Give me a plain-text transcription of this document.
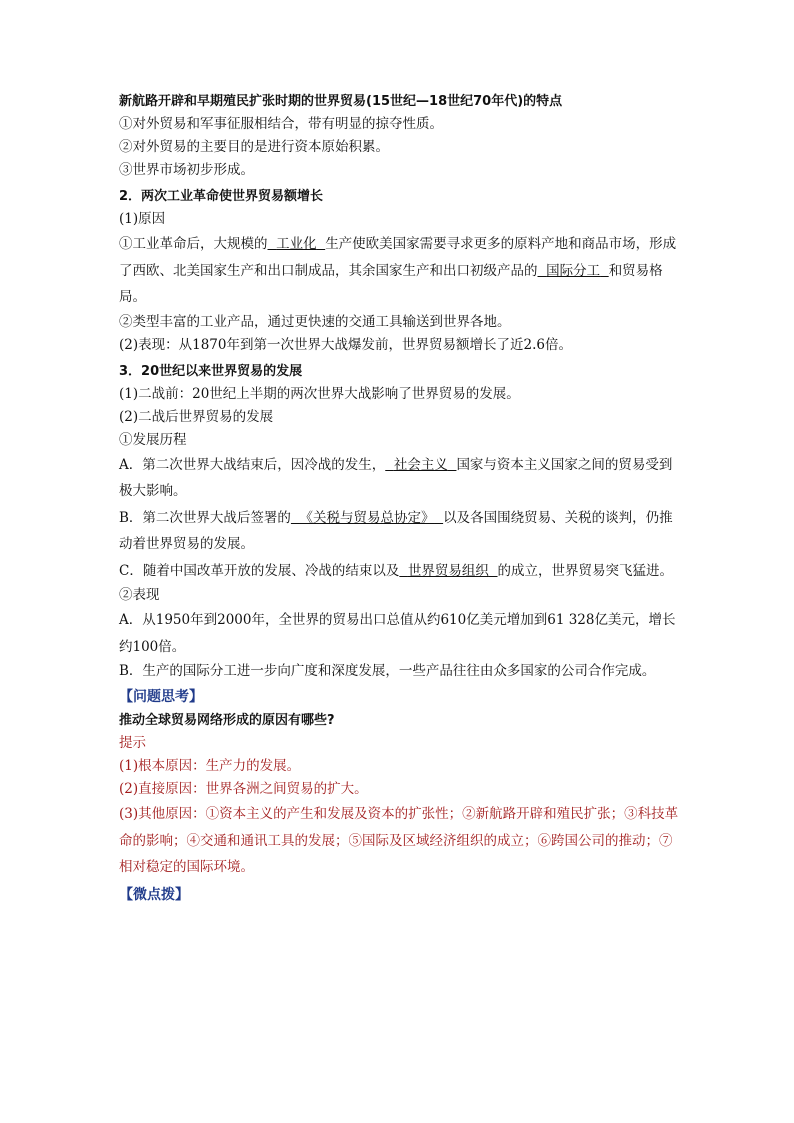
新航路开辟和早期殖民扩张时期的世界贸易(15世纪—18世纪70年代)的特点
①对外贸易和军事征服相结合，带有明显的掠夺性质。
②对外贸易的主要目的是进行资本原始积累。
③世界市场初步形成。
2．两次工业革命使世界贸易额增长
(1)原因
①工业革命后，大规模的 工业化 生产使欧美国家需要寻求更多的原料产地和商品市场，形成了西欧、北美国家生产和出口制成品，其余国家生产和出口初级产品的 国际分工 和贸易格局。
②类型丰富的工业产品，通过更快速的交通工具输送到世界各地。
(2)表现：从1870年到第一次世界大战爆发前，世界贸易额增长了近2.6倍。
3．20世纪以来世界贸易的发展
(1)二战前：20世纪上半期的两次世界大战影响了世界贸易的发展。
(2)二战后世界贸易的发展
①发展历程
A．第二次世界大战结束后，因冷战的发生， 社会主义 国家与资本主义国家之间的贸易受到极大影响。
B．第二次世界大战后签署的 《关税与贸易总协定》 以及各国围绕贸易、关税的谈判，仍推动着世界贸易的发展。
C．随着中国改革开放的发展、冷战的结束以及 世界贸易组织 的成立，世界贸易突飞猛进。
②表现
A．从1950年到2000年，全世界的贸易出口总值从约610亿美元增加到61 328亿美元，增长约100倍。
B．生产的国际分工进一步向广度和深度发展，一些产品往往由众多国家的公司合作完成。
【问题思考】
推动全球贸易网络形成的原因有哪些?
提示
(1)根本原因：生产力的发展。
(2)直接原因：世界各洲之间贸易的扩大。
(3)其他原因：①资本主义的产生和发展及资本的扩张性；②新航路开辟和殖民扩张；③科技革命的影响；④交通和通讯工具的发展；⑤国际及区域经济组织的成立；⑥跨国公司的推动；⑦相对稳定的国际环境。
【微点拨】
